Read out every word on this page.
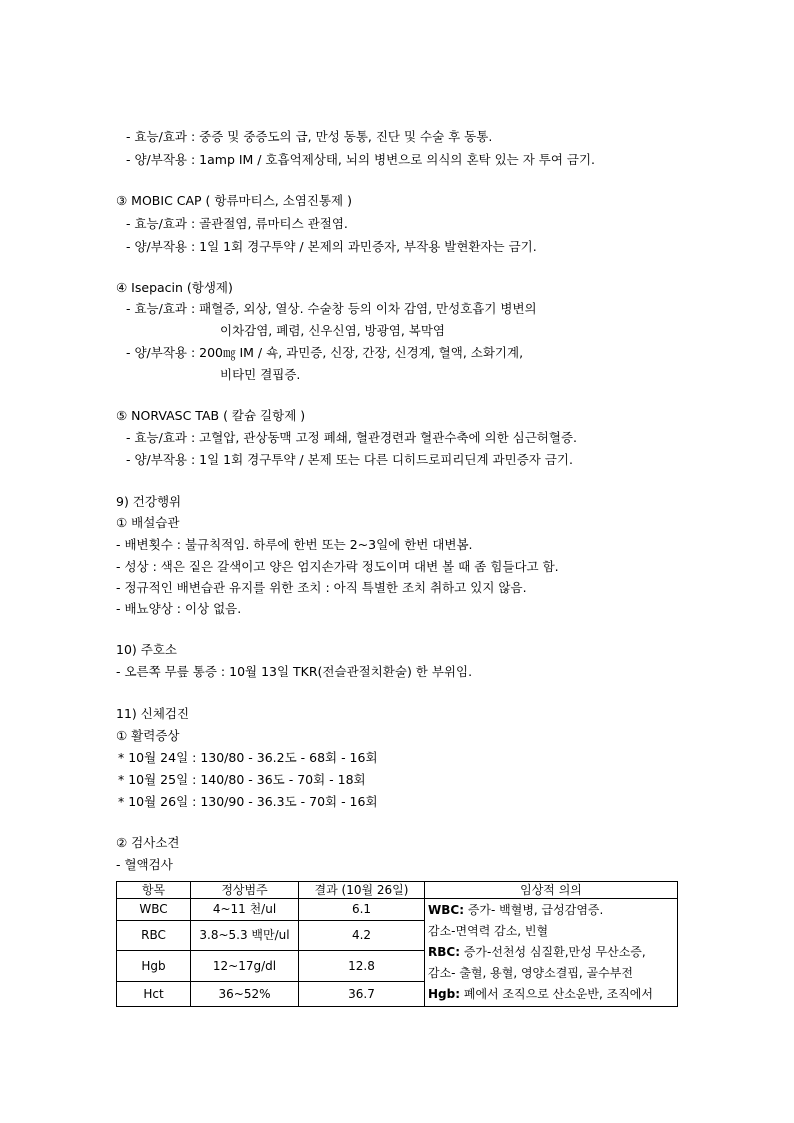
- 효능/효과 : 중증 및 중증도의 급, 만성 동통, 진단 및 수술 후 동통.
- 양/부작용 : 1amp IM / 호흡억제상태, 뇌의 병변으로 의식의 혼탁 있는 자 투여 금기.
③ MOBIC CAP ( 항류마티스, 소염진통제 )
- 효능/효과 : 골관절염, 류마티스 관절염.
- 양/부작용 : 1일 1회 경구투약 / 본제의 과민증자, 부작용 발현환자는 금기.
④ Isepacin (항생제)
- 효능/효과 : 패혈증, 외상, 열상. 수술창 등의 이차 감염, 만성호흡기 병변의
이차감염, 폐렴, 신우신염, 방광염, 복막염
- 양/부작용 : 200㎎ IM / 쇽, 과민증, 신장, 간장, 신경계, 혈액, 소화기계,
비타민 결핍증.
⑤ NORVASC TAB ( 칼슘 길항제 )
- 효능/효과 : 고혈압, 관상동맥 고정 폐쇄, 혈관경련과 혈관수축에 의한 심근허혈증.
- 양/부작용 : 1일 1회 경구투약 / 본제 또는 다른 디히드로피리딘계 과민증자 금기.
9) 건강행위
① 배설습관
- 배변횟수 : 불규칙적임. 하루에 한번 또는 2~3일에 한번 대변봄.
- 성상 : 색은 짙은 갈색이고 양은 엄지손가락 정도이며 대변 볼 때 좀 힘들다고 함.
- 정규적인 배변습관 유지를 위한 조치 : 아직 특별한 조치 취하고 있지 않음.
- 배뇨양상 : 이상 없음.
10) 주호소
- 오른쪽 무릎 통증 : 10월 13일 TKR(전슬관절치환술) 한 부위임.
11) 신체검진
① 활력증상
* 10월 24일 : 130/80 - 36.2도 - 68회 - 16회
* 10월 25일 : 140/80 - 36도 - 70회 - 18회
* 10월 26일 : 130/90 - 36.3도 - 70회 - 16회
② 검사소견
- 혈액검사
항목	정상범주	결과 (10월 26일)	임상적 의의
WBC	4~11 천/ul	6.1	WBC: 증가- 백혈병, 급성감염증.
감소-면역력 감소, 빈혈
RBC: 증가-선천성 심질환,만성 무산소증,
감소- 출혈, 용혈, 영양소결핍, 골수부전
Hgb: 폐에서 조직으로 산소운반, 조직에서

RBC	3.8~5.3 백만/ul	4.2	
Hgb	12~17g/dl	12.8	
Hct	36~52%	36.7	
